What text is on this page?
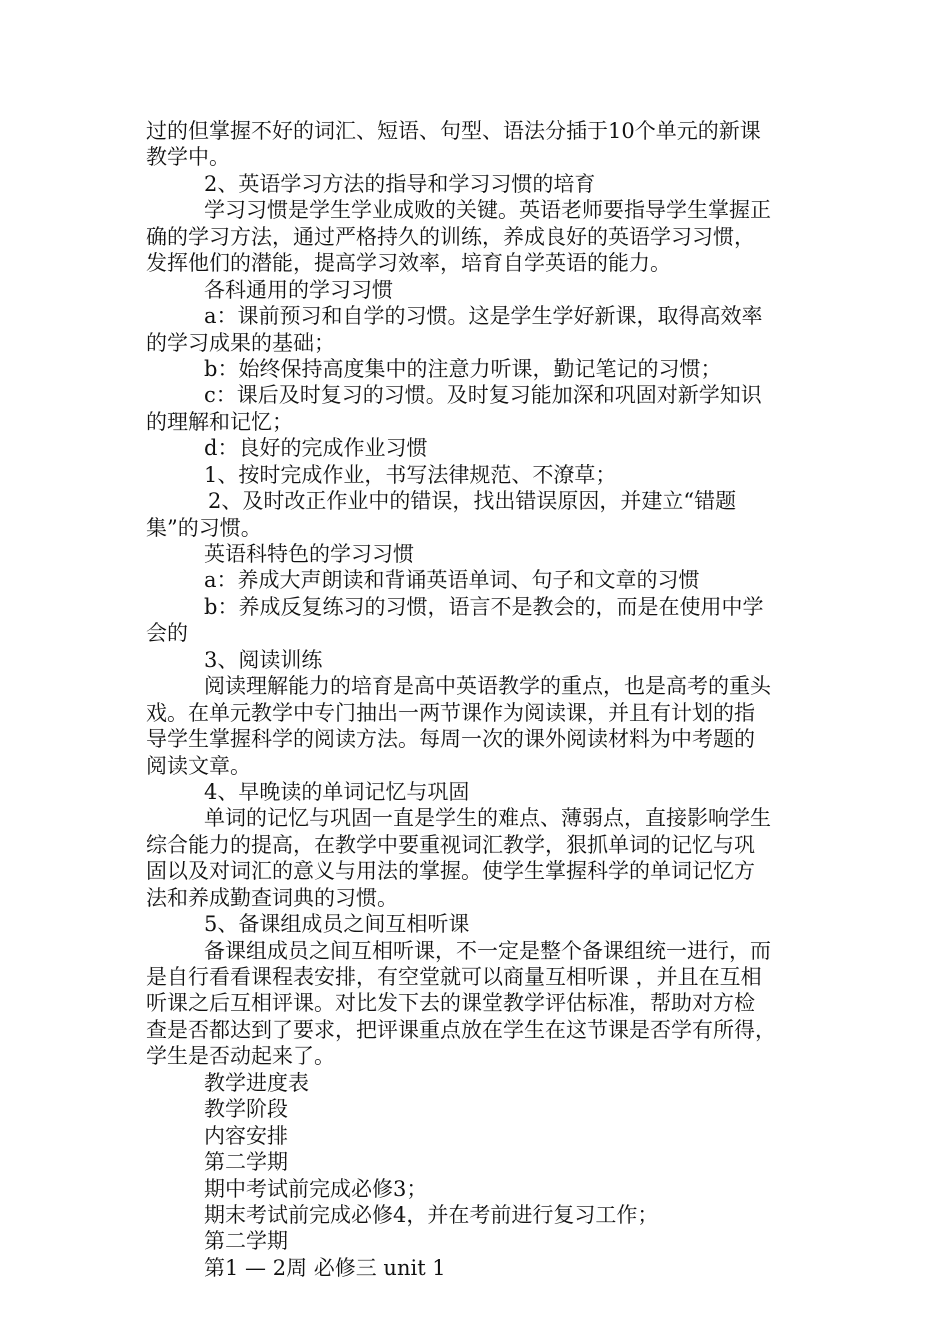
过的但掌握不好的词汇、短语、句型、语法分插于10个单元的新课
教学中。
2、英语学习方法的指导和学习习惯的培育
学习习惯是学生学业成败的关键。英语老师要指导学生掌握正
确的学习方法，通过严格持久的训练，养成良好的英语学习习惯，
发挥他们的潜能，提高学习效率，培育自学英语的能力。
各科通用的学习习惯
a：课前预习和自学的习惯。这是学生学好新课，取得高效率
的学习成果的基础；
b：始终保持高度集中的注意力听课，勤记笔记的习惯；
c：课后及时复习的习惯。及时复习能加深和巩固对新学知识
的理解和记忆；
d：良好的完成作业习惯
1、按时完成作业，书写法律规范、不潦草；
2、及时改正作业中的错误，找出错误原因，并建立“错题
集”的习惯。
英语科特色的学习习惯
a：养成大声朗读和背诵英语单词、句子和文章的习惯
b：养成反复练习的习惯，语言不是教会的，而是在使用中学
会的
3、阅读训练
阅读理解能力的培育是高中英语教学的重点，也是高考的重头
戏。在单元教学中专门抽出一两节课作为阅读课，并且有计划的指
导学生掌握科学的阅读方法。每周一次的课外阅读材料为中考题的
阅读文章。
4、早晚读的单词记忆与巩固
单词的记忆与巩固一直是学生的难点、薄弱点，直接影响学生
综合能力的提高，在教学中要重视词汇教学，狠抓单词的记忆与巩
固以及对词汇的意义与用法的掌握。使学生掌握科学的单词记忆方
法和养成勤查词典的习惯。
5、备课组成员之间互相听课
备课组成员之间互相听课，不一定是整个备课组统一进行，而
是自行看看课程表安排，有空堂就可以商量互相听课 ，并且在互相
听课之后互相评课。对比发下去的课堂教学评估标准，帮助对方检
查是否都达到了要求，把评课重点放在学生在这节课是否学有所得，
学生是否动起来了。
教学进度表
教学阶段
内容安排
第二学期
期中考试前完成必修3；
期末考试前完成必修4，并在考前进行复习工作；
第二学期
第1 — 2周 必修三 unit 1
